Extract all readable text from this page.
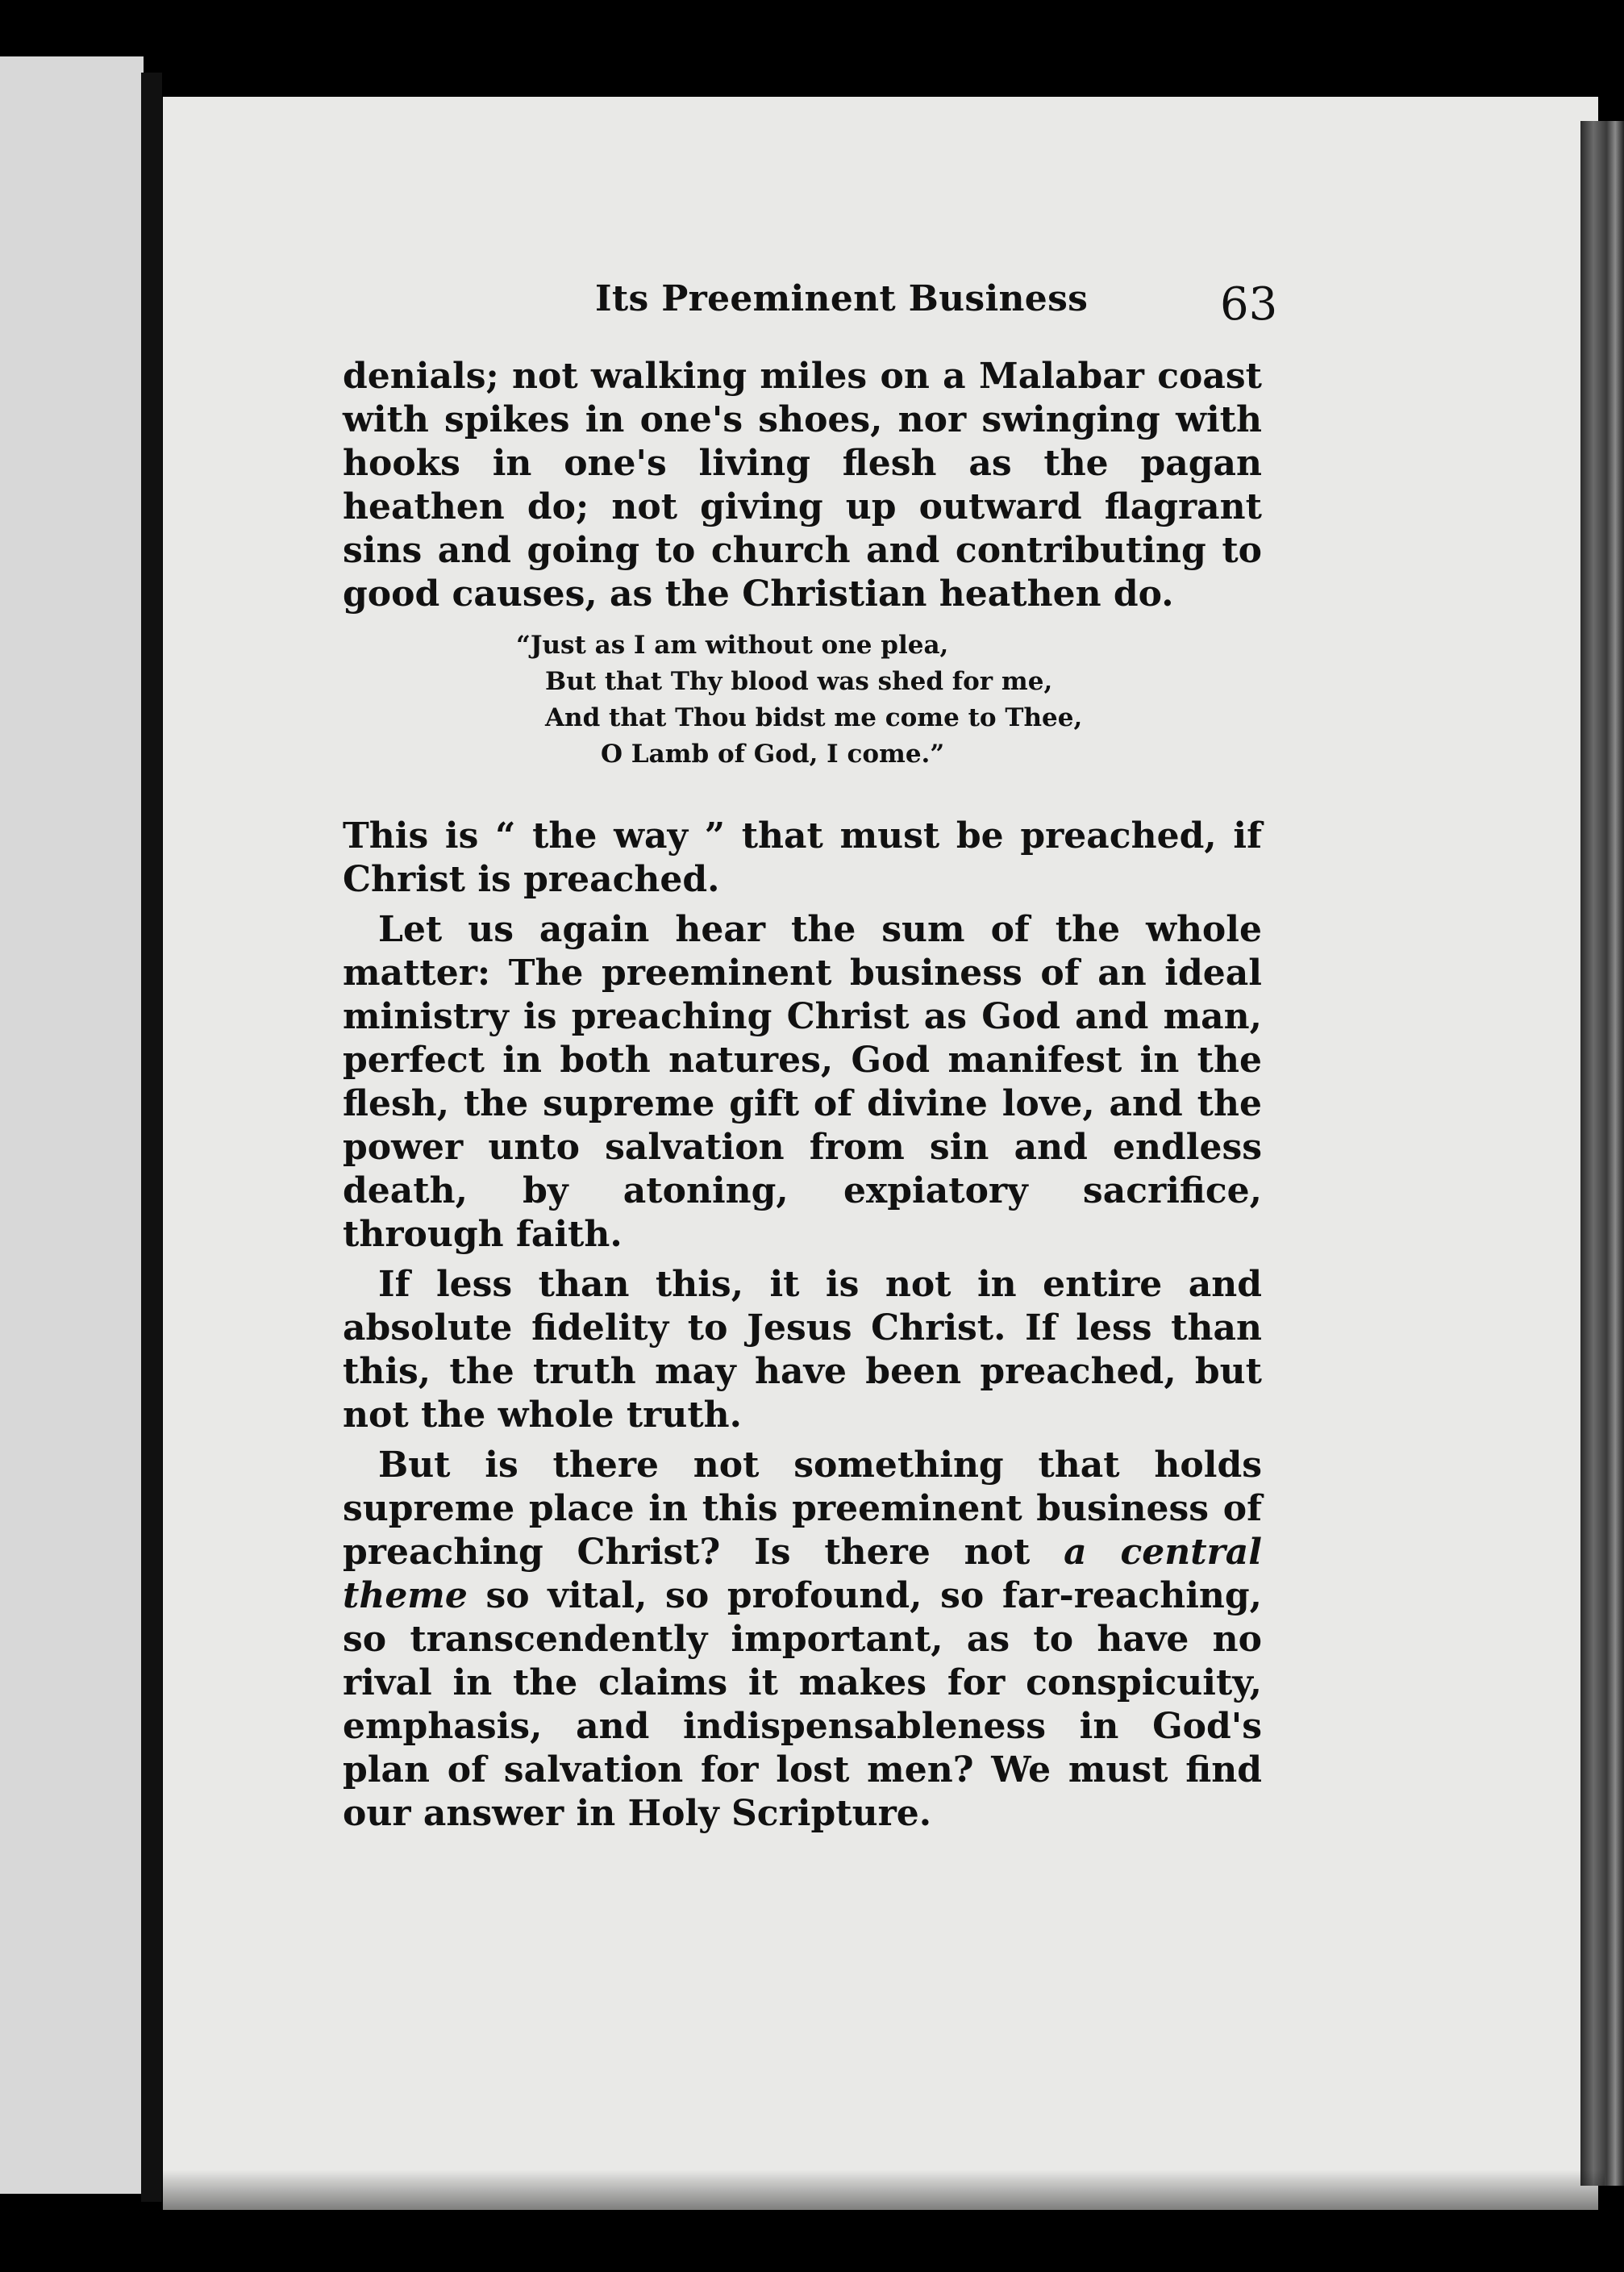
Its Preeminent Business	63

denials; not walking miles on a Malabar coast with spikes in one's shoes, nor swinging with hooks in one's living flesh as the pagan heathen do; not giving up outward flagrant sins and going to church and contributing to good causes, as the Christian heathen do.

“Just as I am without one plea,
But that Thy blood was shed for me,
And that Thou bidst me come to Thee,
O Lamb of God, I come.”

This is “ the way ” that must be preached, if Christ is preached.

Let us again hear the sum of the whole matter: The preeminent business of an ideal ministry is preaching Christ as God and man, perfect in both natures, God manifest in the flesh, the supreme gift of divine love, and the power unto salvation from sin and endless death, by atoning, expiatory sacrifice, through faith.

If less than this, it is not in entire and absolute fidelity to Jesus Christ. If less than this, the truth may have been preached, but not the whole truth.

But is there not something that holds supreme place in this preeminent business of preaching Christ? Is there not a central theme so vital, so profound, so far-reaching, so transcendently important, as to have no rival in the claims it makes for conspicuity, emphasis, and indispensableness in God's plan of salvation for lost men? We must find our answer in Holy Scripture.
